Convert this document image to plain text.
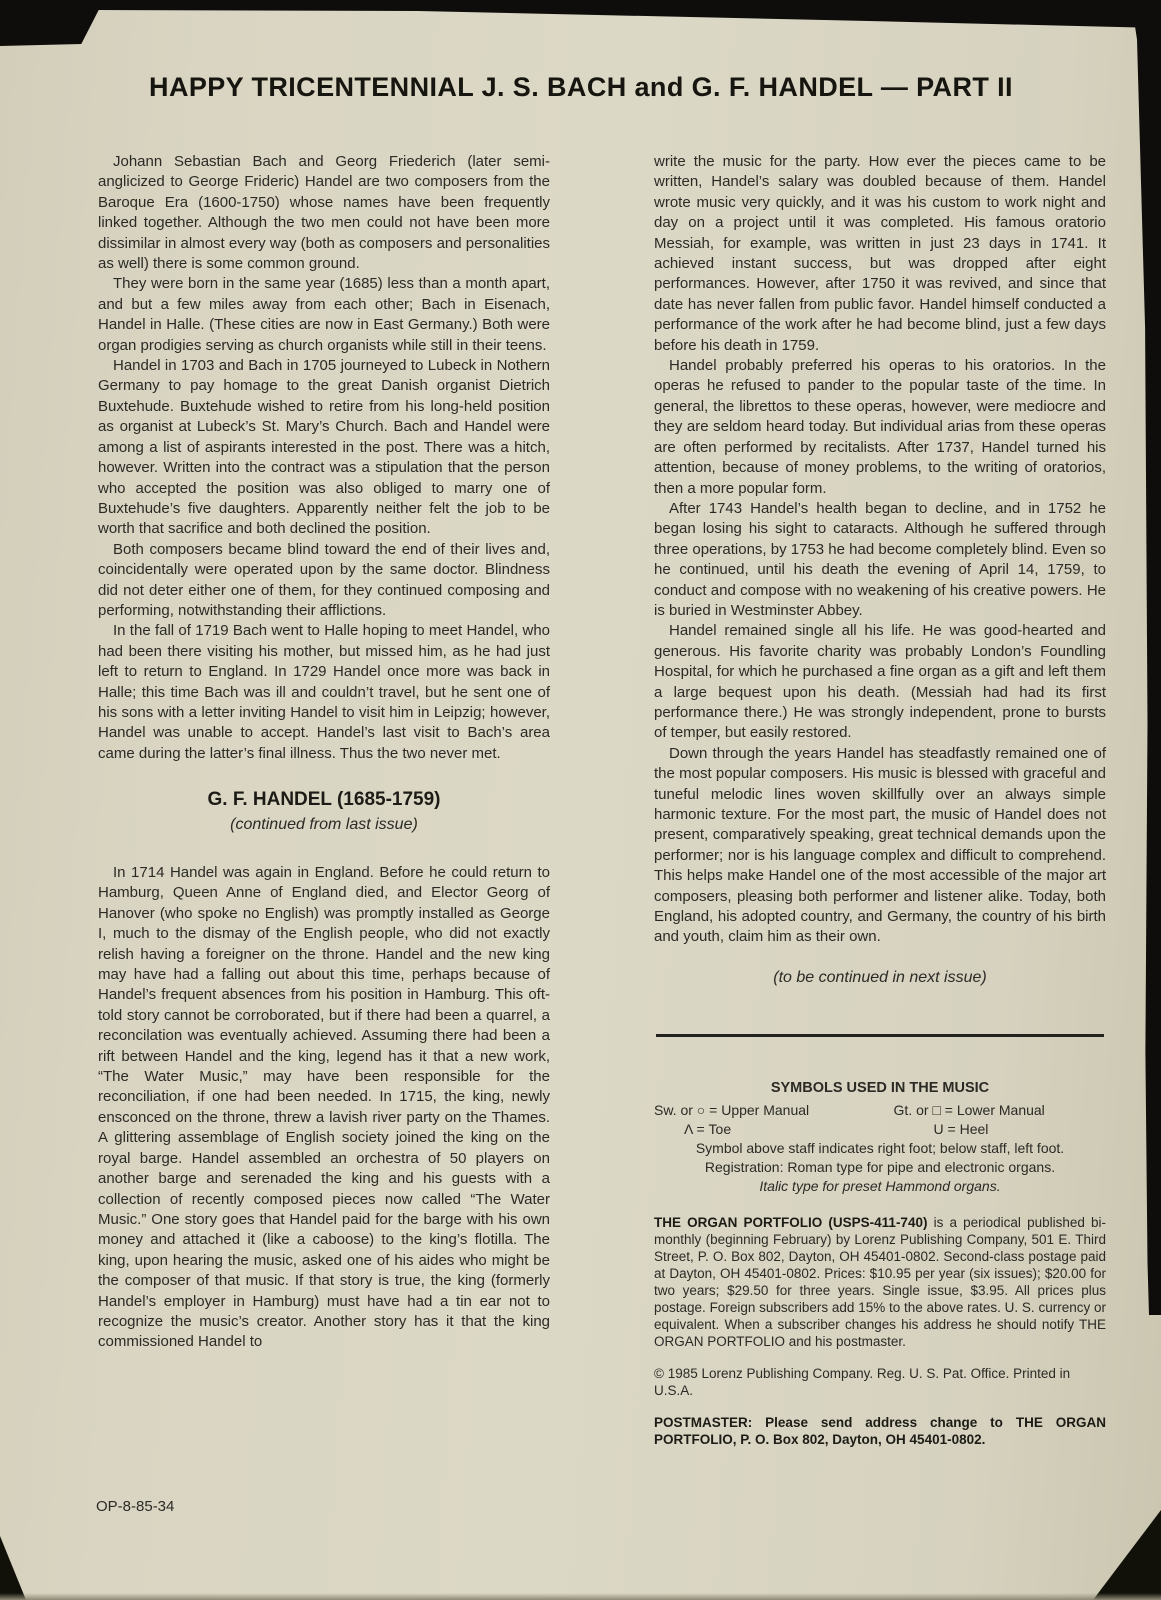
HAPPY TRICENTENNIAL J. S. BACH and G. F. HANDEL — PART II

Johann Sebastian Bach and Georg Friederich (later semi-anglicized to George Frideric) Handel are two composers from the Baroque Era (1600-1750) whose names have been frequently linked together. Although the two men could not have been more dissimilar in almost every way (both as composers and personalities as well) there is some common ground.

They were born in the same year (1685) less than a month apart, and but a few miles away from each other; Bach in Eisenach, Handel in Halle. (These cities are now in East Germany.) Both were organ prodigies serving as church organists while still in their teens.

Handel in 1703 and Bach in 1705 journeyed to Lubeck in Nothern Germany to pay homage to the great Danish organist Dietrich Buxtehude. Buxtehude wished to retire from his long-held position as organist at Lubeck’s St. Mary’s Church. Bach and Handel were among a list of aspirants interested in the post. There was a hitch, however. Written into the contract was a stipulation that the person who accepted the position was also obliged to marry one of Buxtehude’s five daughters. Apparently neither felt the job to be worth that sacrifice and both declined the position.

Both composers became blind toward the end of their lives and, coincidentally were operated upon by the same doctor. Blindness did not deter either one of them, for they continued composing and performing, notwithstanding their afflictions.

In the fall of 1719 Bach went to Halle hoping to meet Handel, who had been there visiting his mother, but missed him, as he had just left to return to England. In 1729 Handel once more was back in Halle; this time Bach was ill and couldn’t travel, but he sent one of his sons with a letter inviting Handel to visit him in Leipzig; however, Handel was unable to accept. Handel’s last visit to Bach’s area came during the latter’s final illness. Thus the two never met.

G. F. HANDEL (1685-1759)
(continued from last issue)

In 1714 Handel was again in England. Before he could return to Hamburg, Queen Anne of England died, and Elector Georg of Hanover (who spoke no English) was promptly installed as George I, much to the dismay of the English people, who did not exactly relish having a foreigner on the throne. Handel and the new king may have had a falling out about this time, perhaps because of Handel’s frequent absences from his position in Hamburg. This oft-told story cannot be corroborated, but if there had been a quarrel, a reconcilation was eventually achieved. Assuming there had been a rift between Handel and the king, legend has it that a new work, “The Water Music,” may have been responsible for the reconciliation, if one had been needed. In 1715, the king, newly ensconced on the throne, threw a lavish river party on the Thames. A glittering assemblage of English society joined the king on the royal barge. Handel assembled an orchestra of 50 players on another barge and serenaded the king and his guests with a collection of recently composed pieces now called “The Water Music.” One story goes that Handel paid for the barge with his own money and attached it (like a caboose) to the king’s flotilla. The king, upon hearing the music, asked one of his aides who might be the composer of that music. If that story is true, the king (formerly Handel’s employer in Hamburg) must have had a tin ear not to recognize the music’s creator. Another story has it that the king commissioned Handel to

write the music for the party. How ever the pieces came to be written, Handel’s salary was doubled because of them. Handel wrote music very quickly, and it was his custom to work night and day on a project until it was completed. His famous oratorio Messiah, for example, was written in just 23 days in 1741. It achieved instant success, but was dropped after eight performances. However, after 1750 it was revived, and since that date has never fallen from public favor. Handel himself conducted a performance of the work after he had become blind, just a few days before his death in 1759.

Handel probably preferred his operas to his oratorios. In the operas he refused to pander to the popular taste of the time. In general, the librettos to these operas, however, were mediocre and they are seldom heard today. But individual arias from these operas are often performed by recitalists. After 1737, Handel turned his attention, because of money problems, to the writing of oratorios, then a more popular form.

After 1743 Handel’s health began to decline, and in 1752 he began losing his sight to cataracts. Although he suffered through three operations, by 1753 he had become completely blind. Even so he continued, until his death the evening of April 14, 1759, to conduct and compose with no weakening of his creative powers. He is buried in Westminster Abbey.

Handel remained single all his life. He was good-hearted and generous. His favorite charity was probably London’s Foundling Hospital, for which he purchased a fine organ as a gift and left them a large bequest upon his death. (Messiah had had its first performance there.) He was strongly independent, prone to bursts of temper, but easily restored.

Down through the years Handel has steadfastly remained one of the most popular composers. His music is blessed with graceful and tuneful melodic lines woven skillfully over an always simple harmonic texture. For the most part, the music of Handel does not present, comparatively speaking, great technical demands upon the performer; nor is his language complex and difficult to comprehend. This helps make Handel one of the most accessible of the major art composers, pleasing both performer and listener alike. Today, both England, his adopted country, and Germany, the country of his birth and youth, claim him as their own.

(to be continued in next issue)
SYMBOLS USED IN THE MUSIC
Sw. or ○ = Upper Manual	Gt. or □ = Lower Manual
Λ = Toe	U = Heel
Symbol above staff indicates right foot; below staff, left foot.
Registration: Roman type for pipe and electronic organs.
Italic type for preset Hammond organs.

THE ORGAN PORTFOLIO (USPS-411-740) is a periodical published bi-monthly (beginning February) by Lorenz Publishing Company, 501 E. Third Street, P. O. Box 802, Dayton, OH 45401-0802. Second-class postage paid at Dayton, OH 45401-0802. Prices: $10.95 per year (six issues); $20.00 for two years; $29.50 for three years. Single issue, $3.95. All prices plus postage. Foreign subscribers add 15% to the above rates. U. S. currency or equivalent. When a subscriber changes his address he should notify THE ORGAN PORTFOLIO and his postmaster.

© 1985 Lorenz Publishing Company. Reg. U. S. Pat. Office. Printed in U.S.A.

POSTMASTER: Please send address change to THE ORGAN PORTFOLIO, P. O. Box 802, Dayton, OH 45401-0802.

OP-8-85-34
